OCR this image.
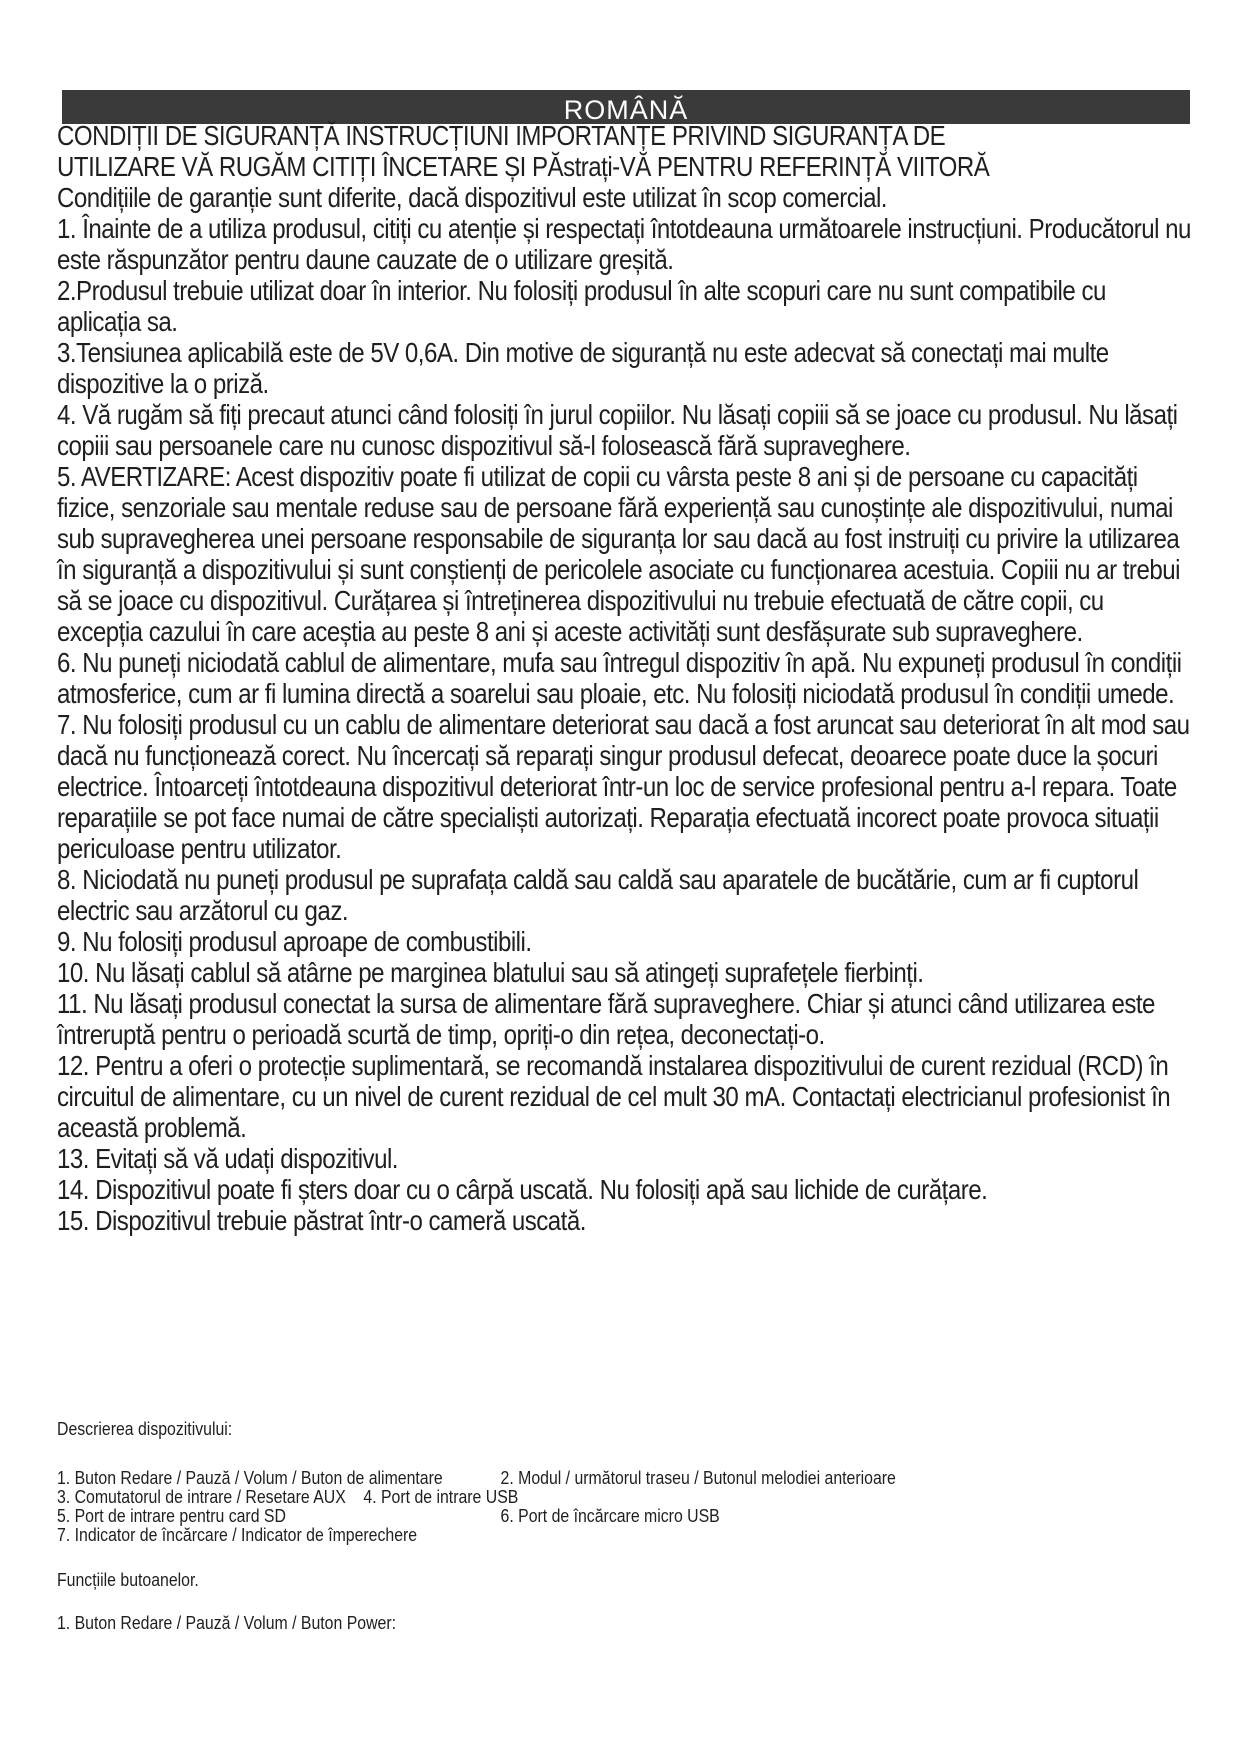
ROMÂNĂ

CONDIȚII DE SIGURANȚĂ INSTRUCȚIUNI IMPORTANȚE PRIVIND SIGURANȚA DE

UTILIZARE VĂ RUGĂM CITIȚI ÎNCETARE ȘI PĂstrați-VĂ PENTRU REFERINȚĂ VIITORĂ

Condițiile de garanție sunt diferite, dacă dispozitivul este utilizat în scop comercial.

1. Înainte de a utiliza produsul, citiți cu atenție și respectați întotdeauna următoarele instrucțiuni. Producătorul nu este răspunzător pentru daune cauzate de o utilizare greșită.

2.Produsul trebuie utilizat doar în interior. Nu folosiți produsul în alte scopuri care nu sunt compatibile cu aplicația sa.

3.Tensiunea aplicabilă este de 5V 0,6A. Din motive de siguranță nu este adecvat să conectați mai multe dispozitive la o priză.

4. Vă rugăm să fiți precaut atunci când folosiți în jurul copiilor. Nu lăsați copiii să se joace cu produsul. Nu lăsați copiii sau persoanele care nu cunosc dispozitivul să-l folosească fără supraveghere.

5. AVERTIZARE: Acest dispozitiv poate fi utilizat de copii cu vârsta peste 8 ani și de persoane cu capacități fizice, senzoriale sau mentale reduse sau de persoane fără experiență sau cunoștințe ale dispozitivului, numai sub supravegherea unei persoane responsabile de siguranța lor sau dacă au fost instruiți cu privire la utilizarea în siguranță a dispozitivului și sunt conștienți de pericolele asociate cu funcționarea acestuia. Copiii nu ar trebui să se joace cu dispozitivul. Curățarea și întreținerea dispozitivului nu trebuie efectuată de către copii, cu excepția cazului în care aceștia au peste 8 ani și aceste activități sunt desfășurate sub supraveghere.

6. Nu puneți niciodată cablul de alimentare, mufa sau întregul dispozitiv în apă. Nu expuneți produsul în condiții atmosferice, cum ar fi lumina directă a soarelui sau ploaie, etc. Nu folosiți niciodată produsul în condiții umede.

7. Nu folosiți produsul cu un cablu de alimentare deteriorat sau dacă a fost aruncat sau deteriorat în alt mod sau dacă nu funcționează corect. Nu încercați să reparați singur produsul defecat, deoarece poate duce la șocuri electrice. Întoarceți întotdeauna dispozitivul deteriorat într-un loc de service profesional pentru a-l repara. Toate reparațiile se pot face numai de către specialiști autorizați. Reparația efectuată incorect poate provoca situații periculoase pentru utilizator.

8. Niciodată nu puneți produsul pe suprafața caldă sau caldă sau aparatele de bucătărie, cum ar fi cuptorul electric sau arzătorul cu gaz.

9. Nu folosiți produsul aproape de combustibili.

10. Nu lăsați cablul să atârne pe marginea blatului sau să atingeți suprafețele fierbinți.

11. Nu lăsați produsul conectat la sursa de alimentare fără supraveghere. Chiar și atunci când utilizarea este întreruptă pentru o perioadă scurtă de timp, opriți-o din rețea, deconectați-o.

12. Pentru a oferi o protecție suplimentară, se recomandă instalarea dispozitivului de curent rezidual (RCD) în circuitul de alimentare, cu un nivel de curent rezidual de cel mult 30 mA. Contactați electricianul profesionist în această problemă.

13. Evitați să vă udați dispozitivul.

14. Dispozitivul poate fi șters doar cu o cârpă uscată. Nu folosiți apă sau lichide de curățare.

15. Dispozitivul trebuie păstrat într-o cameră uscată.

Descrierea dispozitivului:

1. Buton Redare / Pauză / Volum / Buton de alimentare	2. Modul / următorul traseu / Butonul melodiei anterioare
3. Comutatorul de intrare / Resetare AUX    4. Port de intrare USB
5. Port de intrare pentru card SD	6. Port de încărcare micro USB
7. Indicator de încărcare / Indicator de împerechere

Funcțiile butoanelor.

1. Buton Redare / Pauză / Volum / Buton Power:
